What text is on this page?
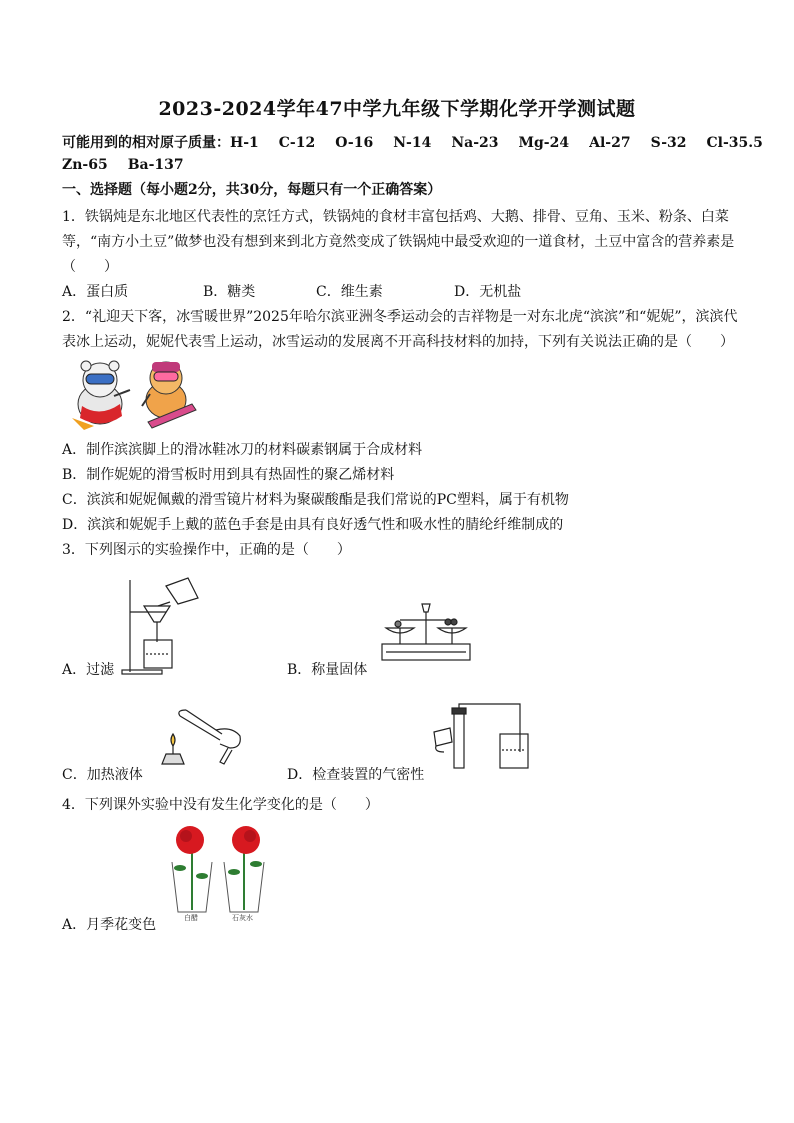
2023-2024学年47中学九年级下学期化学开学测试题
可能用到的相对原子质量：H-1 C-12 O-16 N-14 Na-23 Mg-24 Al-27 S-32 Cl-35.5
Zn-65 Ba-137
一、选择题（每小题2分，共30分，每题只有一个正确答案）
1．铁锅炖是东北地区代表性的烹饪方式，铁锅炖的食材丰富包括鸡、大鹅、排骨、豆角、玉米、粉条、白菜
等，“南方小土豆”做梦也没有想到来到北方竟然变成了铁锅炖中最受欢迎的一道食材，土豆中富含的营养素是
（　　）
A．蛋白质	B．糖类	C．维生素	D．无机盐
2．“礼迎天下客，冰雪暖世界”2025年哈尔滨亚洲冬季运动会的吉祥物是一对东北虎“滨滨”和“妮妮”，滨滨代
表冰上运动，妮妮代表雪上运动，冰雪运动的发展离不开高科技材料的加持，下列有关说法正确的是（　　）
A．制作滨滨脚上的滑冰鞋冰刀的材料碳素钢属于合成材料
B．制作妮妮的滑雪板时用到具有热固性的聚乙烯材料
C．滨滨和妮妮佩戴的滑雪镜片材料为聚碳酸酯是我们常说的PC塑料，属于有机物
D．滨滨和妮妮手上戴的蓝色手套是由具有良好透气性和吸水性的腈纶纤维制成的
3．下列图示的实验操作中，正确的是（　　）
A．过滤	B．称量固体
C．加热液体	D．检查装置的气密性
4．下列课外实验中没有发生化学变化的是（　　）
白醋	石灰水
A．月季花变色
